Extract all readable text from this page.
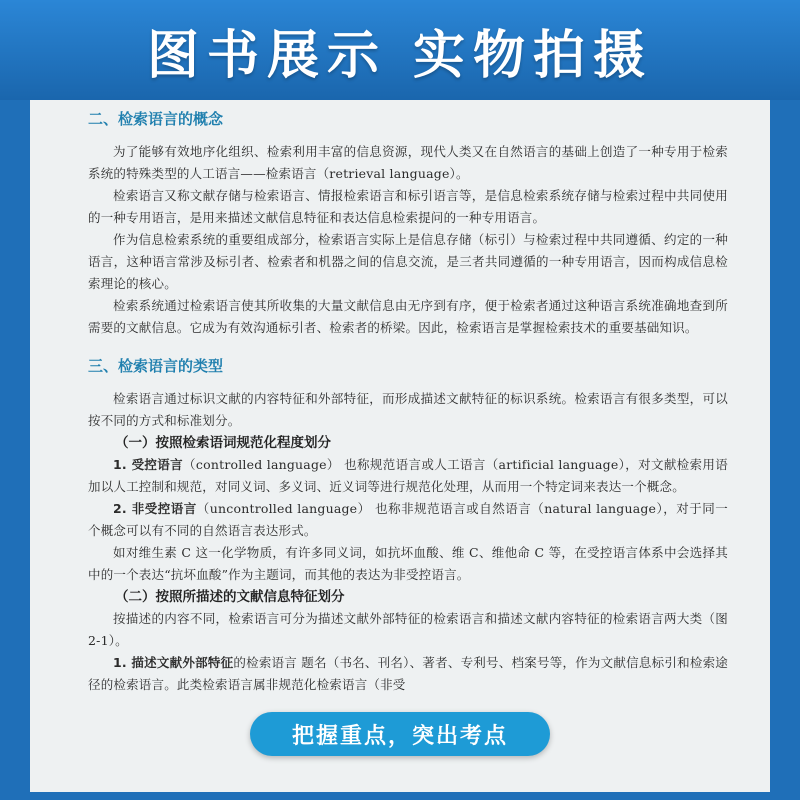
图书展示 实物拍摄
二、检索语言的概念

为了能够有效地序化组织、检索利用丰富的信息资源，现代人类又在自然语言的基础上创造了一种专用于检索系统的特殊类型的人工语言——检索语言（retrieval language）。

检索语言又称文献存储与检索语言、情报检索语言和标引语言等，是信息检索系统存储与检索过程中共同使用的一种专用语言，是用来描述文献信息特征和表达信息检索提问的一种专用语言。

作为信息检索系统的重要组成部分，检索语言实际上是信息存储（标引）与检索过程中共同遵循、约定的一种语言，这种语言常涉及标引者、检索者和机器之间的信息交流，是三者共同遵循的一种专用语言，因而构成信息检索理论的核心。

检索系统通过检索语言使其所收集的大量文献信息由无序到有序，便于检索者通过这种语言系统准确地查到所需要的文献信息。它成为有效沟通标引者、检索者的桥梁。因此，检索语言是掌握检索技术的重要基础知识。

三、检索语言的类型

检索语言通过标识文献的内容特征和外部特征，而形成描述文献特征的标识系统。检索语言有很多类型，可以按不同的方式和标准划分。

（一）按照检索语词规范化程度划分

1. 受控语言（controlled language） 也称规范语言或人工语言（artificial language），对文献检索用语加以人工控制和规范，对同义词、多义词、近义词等进行规范化处理，从而用一个特定词来表达一个概念。

2. 非受控语言（uncontrolled language） 也称非规范语言或自然语言（natural language），对于同一个概念可以有不同的自然语言表达形式。

如对维生素 C 这一化学物质，有许多同义词，如抗坏血酸、维 C、维他命 C 等，在受控语言体系中会选择其中的一个表达“抗坏血酸”作为主题词，而其他的表达为非受控语言。

（二）按照所描述的文献信息特征划分

按描述的内容不同，检索语言可分为描述文献外部特征的检索语言和描述文献内容特征的检索语言两大类（图 2-1）。

1. 描述文献外部特征的检索语言 题名（书名、刊名）、著者、专利号、档案号等，作为文献信息标引和检索途径的检索语言。此类检索语言属非规范化检索语言（非受

把握重点，突出考点
